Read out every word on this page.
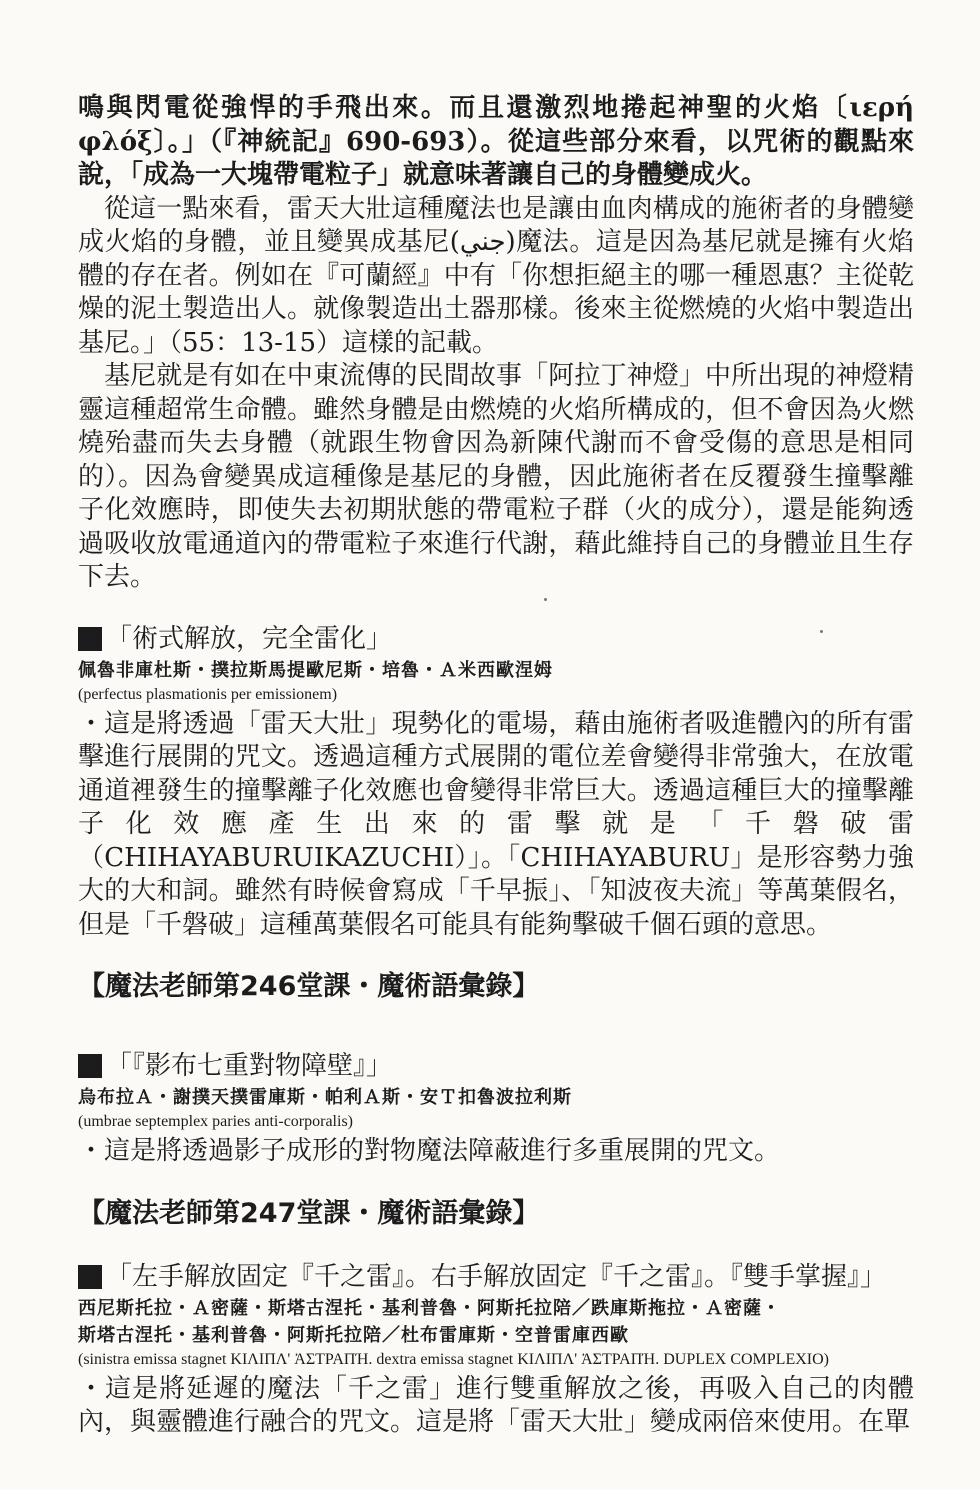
鳴與閃電從強悍的手飛出來。而且還激烈地捲起神聖的火焰〔ιερή φλόξ〕。」（『神統記』690-693）。從這些部分來看，以咒術的觀點來說，「成為一大塊帶電粒子」就意味著讓自己的身體變成火。

從這一點來看，雷天大壯這種魔法也是讓由血肉構成的施術者的身體變成火焰的身體，並且變異成基尼(جني)魔法。這是因為基尼就是擁有火焰體的存在者。例如在『可蘭經』中有「你想拒絕主的哪一種恩惠？主從乾燥的泥土製造出人。就像製造出土器那樣。後來主從燃燒的火焰中製造出基尼。」（55：13-15）這樣的記載。

基尼就是有如在中東流傳的民間故事「阿拉丁神燈」中所出現的神燈精靈這種超常生命體。雖然身體是由燃燒的火焰所構成的，但不會因為火燃燒殆盡而失去身體（就跟生物會因為新陳代謝而不會受傷的意思是相同的）。因為會變異成這種像是基尼的身體，因此施術者在反覆發生撞擊離子化效應時，即使失去初期狀態的帶電粒子群（火的成分），還是能夠透過吸收放電通道內的帶電粒子來進行代謝，藉此維持自己的身體並且生存下去。

「術式解放，完全雷化」

佩魯非庫杜斯・撲拉斯馬提歐尼斯・培魯・Ａ米西歐涅姆

(perfectus plasmationis per emissionem)

・這是將透過「雷天大壯」現勢化的電場，藉由施術者吸進體內的所有雷擊進行展開的咒文。透過這種方式展開的電位差會變得非常強大，在放電通道裡發生的撞擊離子化效應也會變得非常巨大。透過這種巨大的撞擊離子化效應產生出來的雷擊就是「千磐破雷（CHIHAYABURUIKAZUCHI）」。「CHIHAYABURU」是形容勢力強大的大和詞。雖然有時候會寫成「千早振」、「知波夜夫流」等萬葉假名，但是「千磐破」這種萬葉假名可能具有能夠擊破千個石頭的意思。

【魔法老師第246堂課・魔術語彙錄】

「『影布七重對物障壁』」

烏布拉Ａ・謝撲天撲雷庫斯・帕利Ａ斯・安Ｔ扣魯波拉利斯

(umbrae septemplex paries anti-corporalis)

・這是將透過影子成形的對物魔法障蔽進行多重展開的咒文。

【魔法老師第247堂課・魔術語彙錄】

「左手解放固定『千之雷』。右手解放固定『千之雷』。『雙手掌握』」

西尼斯托拉・Ａ密薩・斯塔古涅托・基利普魯・阿斯托拉陪／跌庫斯拖拉・Ａ密薩・

斯塔古涅托・基利普魯・阿斯托拉陪／杜布雷庫斯・空普雷庫西歐

(sinistra emissa stagnet ΚΙΛΙΠΛ' ἈΣΤΡΑΠΉ. dextra emissa stagnet ΚΙΛΙΠΛ' ἈΣΤΡΑΠΉ. DUPLEX COMPLEXIO)

・這是將延遲的魔法「千之雷」進行雙重解放之後，再吸入自己的肉體內，與靈體進行融合的咒文。這是將「雷天大壯」變成兩倍來使用。在單
